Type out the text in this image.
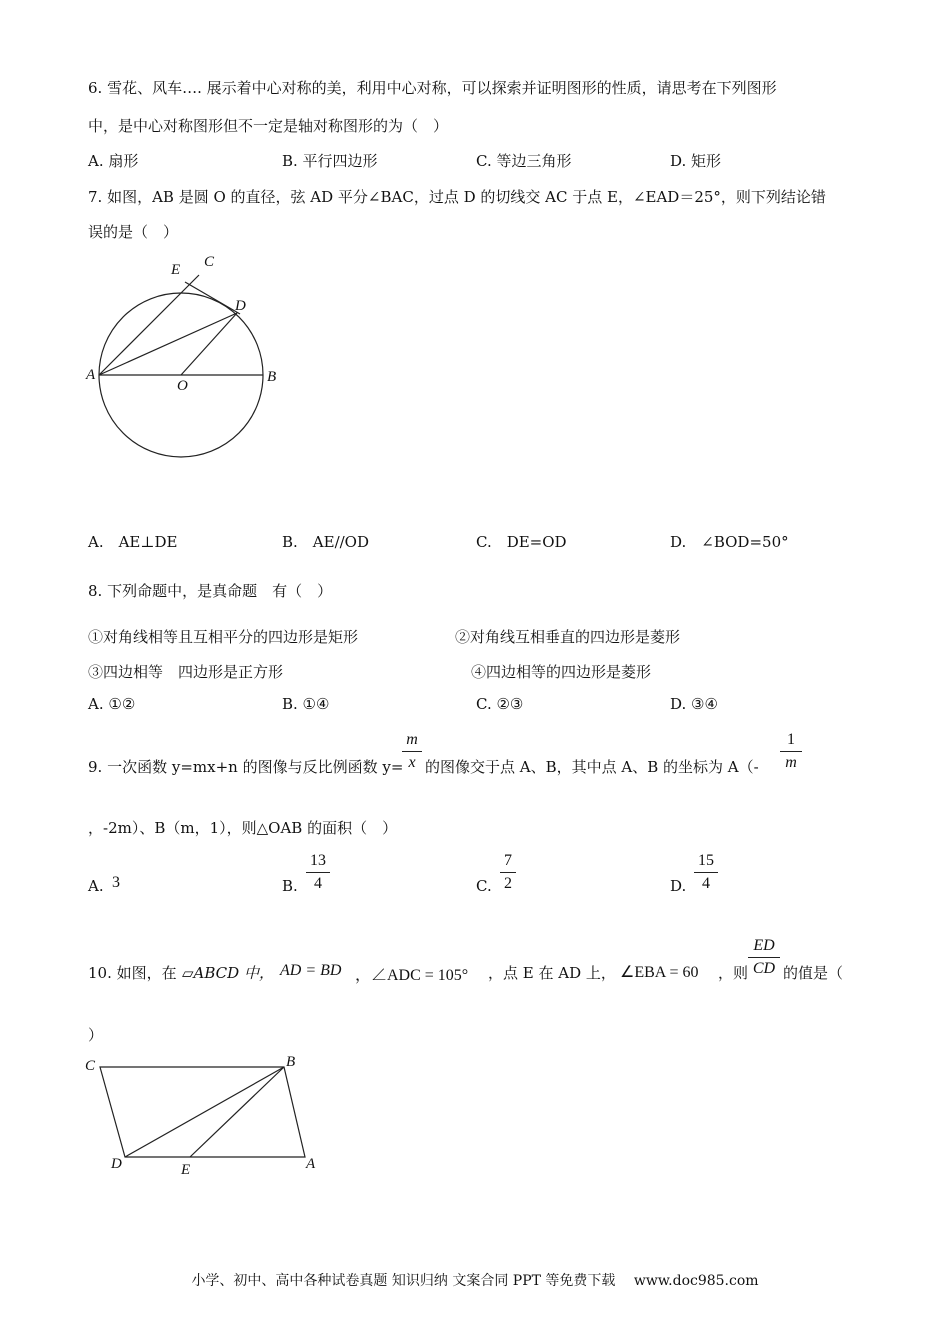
6. 雪花、风车…. 展示着中心对称的美，利用中心对称，可以探索并证明图形的性质，请思考在下列图形
中，是中心对称图形但不一定是轴对称图形的为（　）
A. 扇形	B. 平行四边形	C. 等边三角形	D. 矩形
7. 如图，AB 是圆 O 的直径，弦 AD 平分∠BAC，过点 D 的切线交 AC 于点 E，∠EAD＝25°，则下列结论错
误的是（　）
A	B
C
D
E
O
A.　AE⊥DE	B.　AE//OD	C.　DE=OD	D.　∠BOD=50°
8. 下列命题中，是真命题　有（　）
①对角线相等且互相平分的四边形是矩形	②对角线互相垂直的四边形是菱形
③四边相等　四边形是正方形	④四边相等的四边形是菱形
A. ①②	B. ①④	C. ②③	D. ③④
9. 一次函数 y=mx+n 的图像与反比例函数 y=
m
x 的图像交于点 A、B，其中点 A、B 的坐标为 A（-
1
m
，-2m）、B（m，1），则△OAB 的面积（　）
A. 3	B.
13
4	C.
7
2	D.
15
4
10. 如图，在 ▱ABCD 中， AD = BD ，∠ADC = 105° ，点 E 在 AD 上， ∠EBA = 60 ，则
ED
CD 的值是（
）
C	B
D	E	A
小学、初中、高中各种试卷真题 知识归纳 文案合同 PPT 等免费下载　 www.doc985.com
